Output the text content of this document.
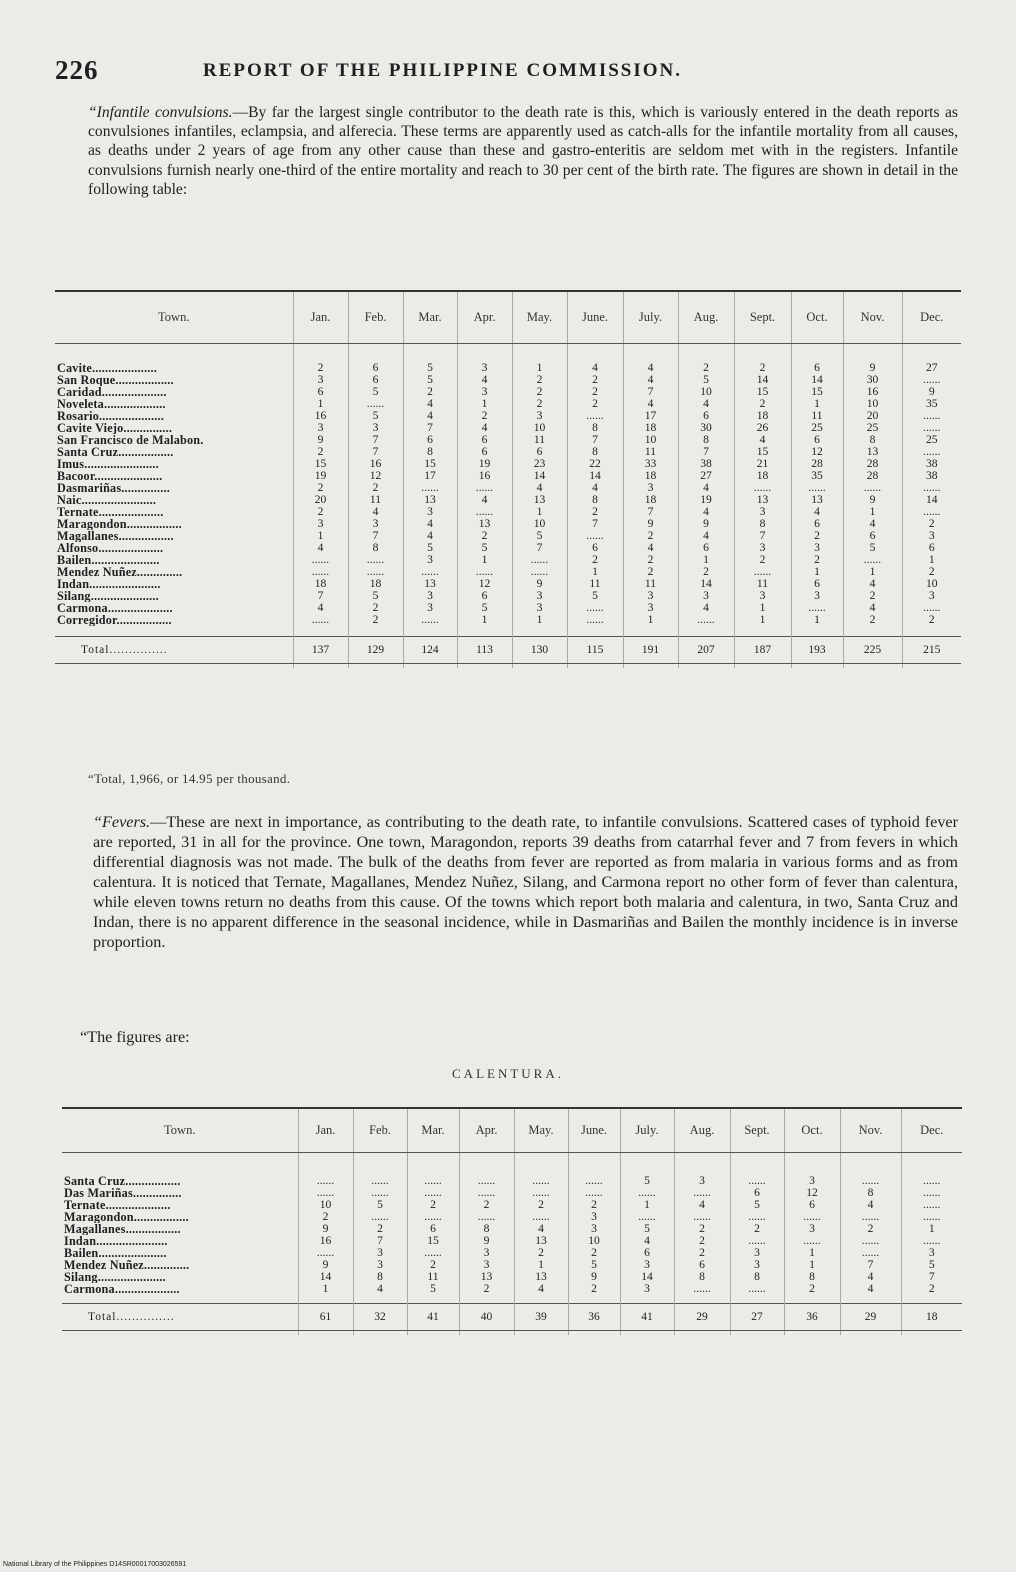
226	REPORT OF THE PHILIPPINE COMMISSION.

“Infantile convulsions.—By far the largest single contributor to the death rate is this, which is variously entered in the death reports as convulsiones infantiles, eclampsia, and alferecia. These terms are apparently used as catch-alls for the infantile mortality from all causes, as deaths under 2 years of age from any other cause than these and gastro-enteritis are seldom met with in the registers. Infantile convulsions furnish nearly one-third of the entire mortality and reach to 30 per cent of the birth rate. The figures are shown in detail in the following table:

Town.	Jan.	Feb.	Mar.	Apr.	May.	June.	July.	Aug.	Sept.	Oct.	Nov.	Dec.

Cavite....................	2	6	5	3	1	4	4	2	2	6	9	27
San Roque..................	3	6	5	4	2	2	4	5	14	14	30	......
Caridad....................	6	5	2	3	2	2	7	10	15	15	16	9
Noveleta...................	1	......	4	1	2	2	4	4	2	1	10	35
Rosario....................	16	5	4	2	3	......	17	6	18	11	20	......
Cavite Viejo...............	3	3	7	4	10	8	18	30	26	25	25	......
San Francisco de Malabon.	9	7	6	6	11	7	10	8	4	6	8	25
Santa Cruz.................	2	7	8	6	6	8	11	7	15	12	13	......
Imus.......................	15	16	15	19	23	22	33	38	21	28	28	38
Bacoor.....................	19	12	17	16	14	14	18	27	18	35	28	38
Dasmariñas...............	2	2	......	......	4	4	3	4	......	......	......	......
Naic.......................	20	11	13	4	13	8	18	19	13	13	9	14
Ternate....................	2	4	3	......	1	2	7	4	3	4	1	......
Maragondon.................	3	3	4	13	10	7	9	9	8	6	4	2
Magallanes.................	1	7	4	2	5	......	2	4	7	2	6	3
Alfonso....................	4	8	5	5	7	6	4	6	3	3	5	6
Bailen.....................	......	......	3	1	......	2	2	1	2	2	......	1
Mendez Nuñez..............	......	......	......	......	......	1	2	2	......	1	1	2
Indan......................	18	18	13	12	9	11	11	14	11	6	4	10
Silang.....................	7	5	3	6	3	5	3	3	3	3	2	3
Carmona....................	4	2	3	5	3	......	3	4	1	......	4	......
Corregidor.................	......	2	......	1	1	......	1	......	1	1	2	2

Total...............	137	129	124	113	130	115	191	207	187	193	225	215

“Total, 1,966, or 14.95 per thousand.

“Fevers.—These are next in importance, as contributing to the death rate, to infantile convulsions. Scattered cases of typhoid fever are reported, 31 in all for the province. One town, Maragondon, reports 39 deaths from catarrhal fever and 7 from fevers in which differential diagnosis was not made. The bulk of the deaths from fever are reported as from malaria in various forms and as from calentura. It is noticed that Ternate, Magallanes, Mendez Nuñez, Silang, and Carmona report no other form of fever than calentura, while eleven towns return no deaths from this cause. Of the towns which report both malaria and calentura, in two, Santa Cruz and Indan, there is no apparent difference in the seasonal incidence, while in Dasmariñas and Bailen the monthly incidence is in inverse proportion.

“The figures are:

CALENTURA.
Town.	Jan.	Feb.	Mar.	Apr.	May.	June.	July.	Aug.	Sept.	Oct.	Nov.	Dec.

Santa Cruz.................	......	......	......	......	......	......	5	3	......	3	......	......
Das Mariñas...............	......	......	......	......	......	......	......	......	6	12	8	......
Ternate....................	10	5	2	2	2	2	1	4	5	6	4	......
Maragondon.................	2	......	......	......	......	3	......	......	......	......	......	......
Magallanes.................	9	2	6	8	4	3	5	2	2	3	2	1
Indan......................	16	7	15	9	13	10	4	2	......	......	......	......
Bailen.....................	......	3	......	3	2	2	6	2	3	1	......	3
Mendez Nuñez..............	9	3	2	3	1	5	3	6	3	1	7	5
Silang.....................	14	8	11	13	13	9	14	8	8	8	4	7
Carmona....................	1	4	5	2	4	2	3	......	......	2	4	2

Total...............	61	32	41	40	39	36	41	29	27	36	29	18

National Library of the Philippines D14SR00017003026591
